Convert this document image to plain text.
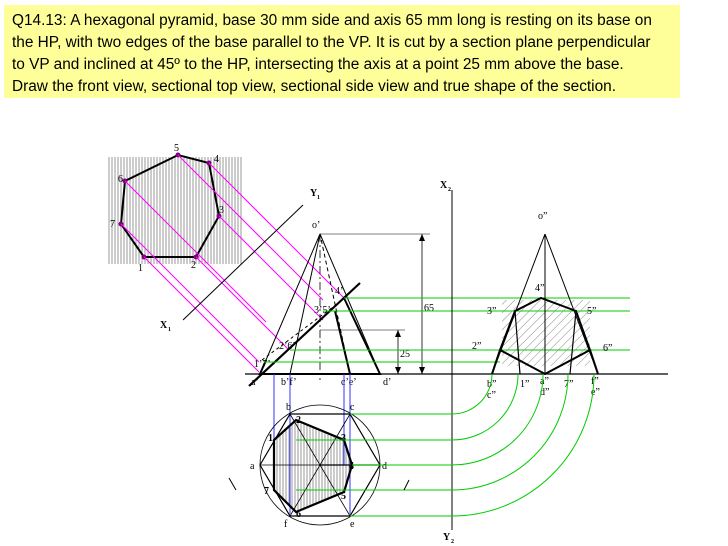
Q14.13: A hexagonal pyramid, base 30 mm side and axis 65 mm long is resting on its base on

the HP, with two edges of the base parallel to the VP. It is cut by a section plane perpendicular

to VP and inclined at 45º to the HP, intersecting the axis at a point 25 mm above the base.

Draw the front view, sectional top view, sectional side view and true shape of the section.

1	2
3
4
5
6
7
X 1
Y 1
o’
a’ b’f’	c’e’	d’
1’7’
2’6’
3’5’
4’
65
25
X 2
Y 2
o”
4”
3”	5”
2”	6”
b”
c”
1” a”
d”
7” f”
e”
a
b	c
d
e
f
1
2
3
4
5
6
7
